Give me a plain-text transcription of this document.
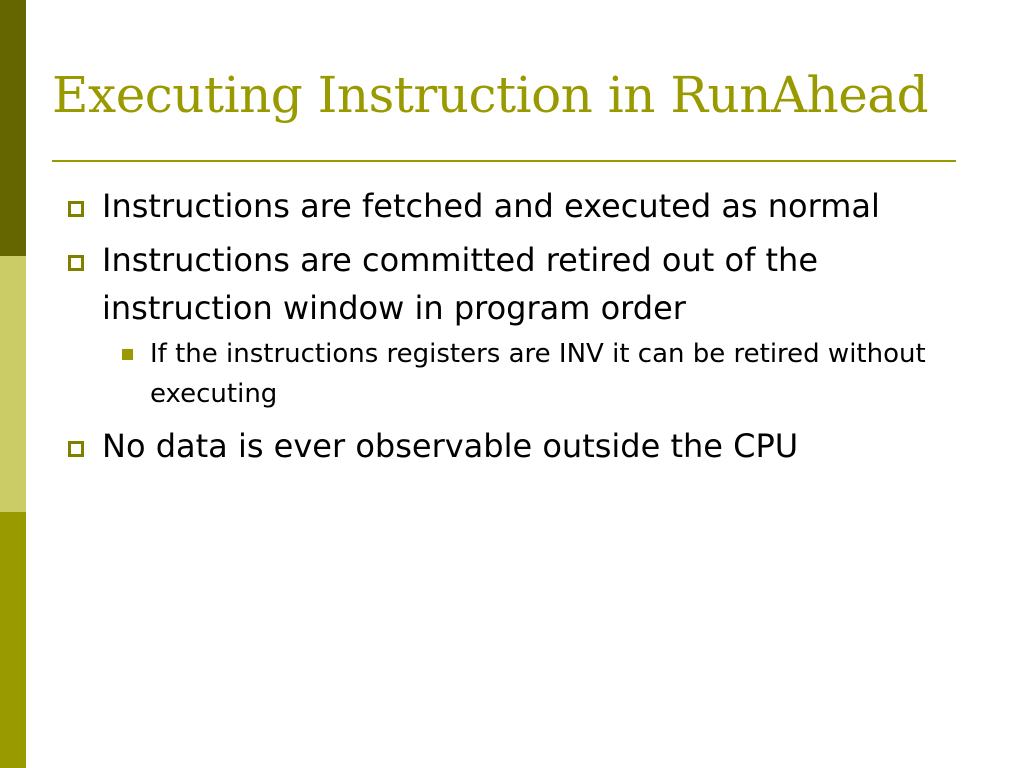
Executing Instruction in RunAhead
Instructions are fetched and executed as normal
Instructions are committed retired out of the instruction window in program order
If the instructions registers are INV it can be retired without executing
No data is ever observable outside the CPU
